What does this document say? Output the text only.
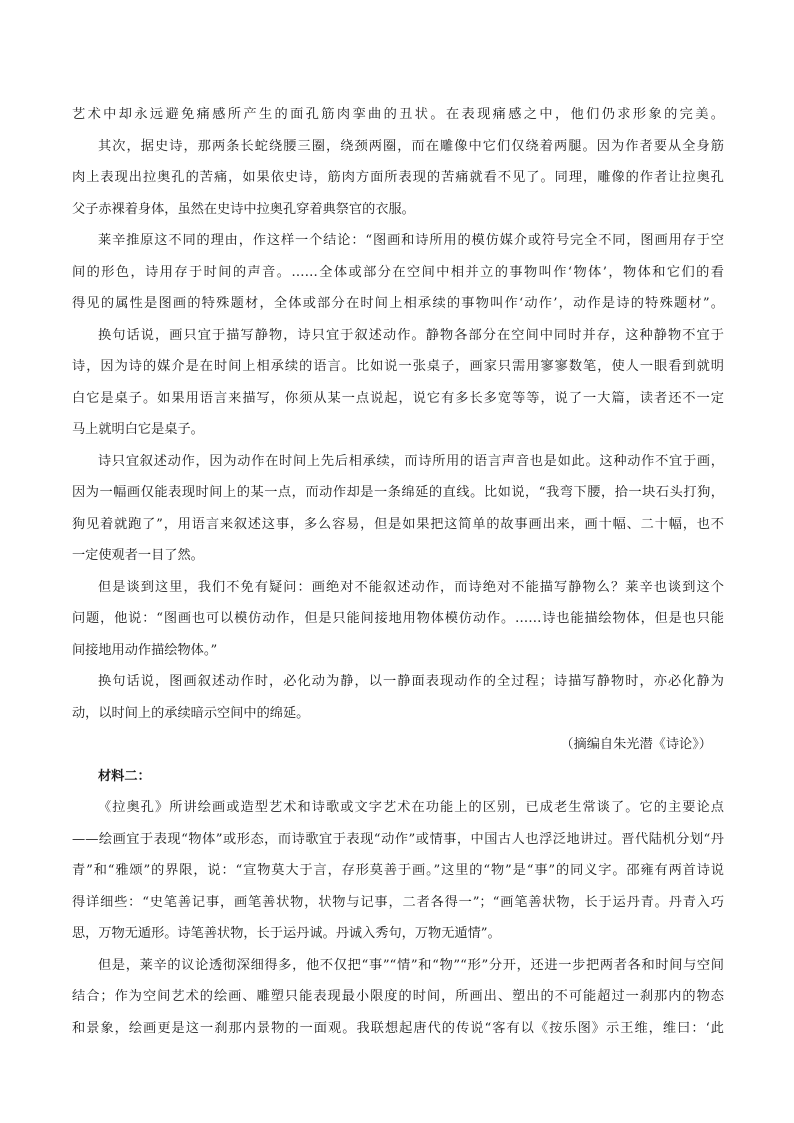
艺术中却永远避免痛感所产生的面孔筋肉挛曲的丑状。在表现痛感之中，他们仍求形象的完美。
其次，据史诗，那两条长蛇绕腰三圈，绕颈两圈，而在雕像中它们仅绕着两腿。因为作者要从全身筋
肉上表现出拉奥孔的苦痛，如果依史诗，筋肉方面所表现的苦痛就看不见了。同理，雕像的作者让拉奥孔
父子赤裸着身体，虽然在史诗中拉奥孔穿着典祭官的衣服。
莱辛推原这不同的理由，作这样一个结论：“图画和诗所用的模仿媒介或符号完全不同，图画用存于空
间的形色，诗用存于时间的声音。……全体或部分在空间中相并立的事物叫作‘物体’，物体和它们的看
得见的属性是图画的特殊题材，全体或部分在时间上相承续的事物叫作‘动作’，动作是诗的特殊题材”。
换句话说，画只宜于描写静物，诗只宜于叙述动作。静物各部分在空间中同时并存，这种静物不宜于
诗，因为诗的媒介是在时间上相承续的语言。比如说一张桌子，画家只需用寥寥数笔，使人一眼看到就明
白它是桌子。如果用语言来描写，你须从某一点说起，说它有多长多宽等等，说了一大篇，读者还不一定
马上就明白它是桌子。
诗只宜叙述动作，因为动作在时间上先后相承续，而诗所用的语言声音也是如此。这种动作不宜于画，
因为一幅画仅能表现时间上的某一点，而动作却是一条绵延的直线。比如说，“我弯下腰，拾一块石头打狗，
狗见着就跑了”，用语言来叙述这事，多么容易，但是如果把这简单的故事画出来，画十幅、二十幅，也不
一定使观者一目了然。
但是谈到这里，我们不免有疑问：画绝对不能叙述动作，而诗绝对不能描写静物么？莱辛也谈到这个
问题，他说：“图画也可以模仿动作，但是只能间接地用物体模仿动作。……诗也能描绘物体，但是也只能
间接地用动作描绘物体。”
换句话说，图画叙述动作时，必化动为静，以一静面表现动作的全过程；诗描写静物时，亦必化静为
动，以时间上的承续暗示空间中的绵延。
（摘编自朱光潜《诗论》）
材料二：
《拉奥孔》所讲绘画或造型艺术和诗歌或文字艺术在功能上的区别，已成老生常谈了。它的主要论点
——绘画宜于表现“物体”或形态，而诗歌宜于表现“动作”或情事，中国古人也浮泛地讲过。晋代陆机分划“丹
青”和“雅颂”的界限，说：“宣物莫大于言，存形莫善于画。”这里的“物”是“事”的同义字。邵雍有两首诗说
得详细些：“史笔善记事，画笔善状物，状物与记事，二者各得一”；“画笔善状物，长于运丹青。丹青入巧
思，万物无遁形。诗笔善状物，长于运丹诚。丹诚入秀句，万物无遁情”。
但是，莱辛的议论透彻深细得多，他不仅把“事”“情”和“物”“形”分开，还进一步把两者各和时间与空间
结合；作为空间艺术的绘画、雕塑只能表现最小限度的时间，所画出、塑出的不可能超过一刹那内的物态
和景象，绘画更是这一刹那内景物的一面观。我联想起唐代的传说“客有以《按乐图》示王维，维曰：‘此
